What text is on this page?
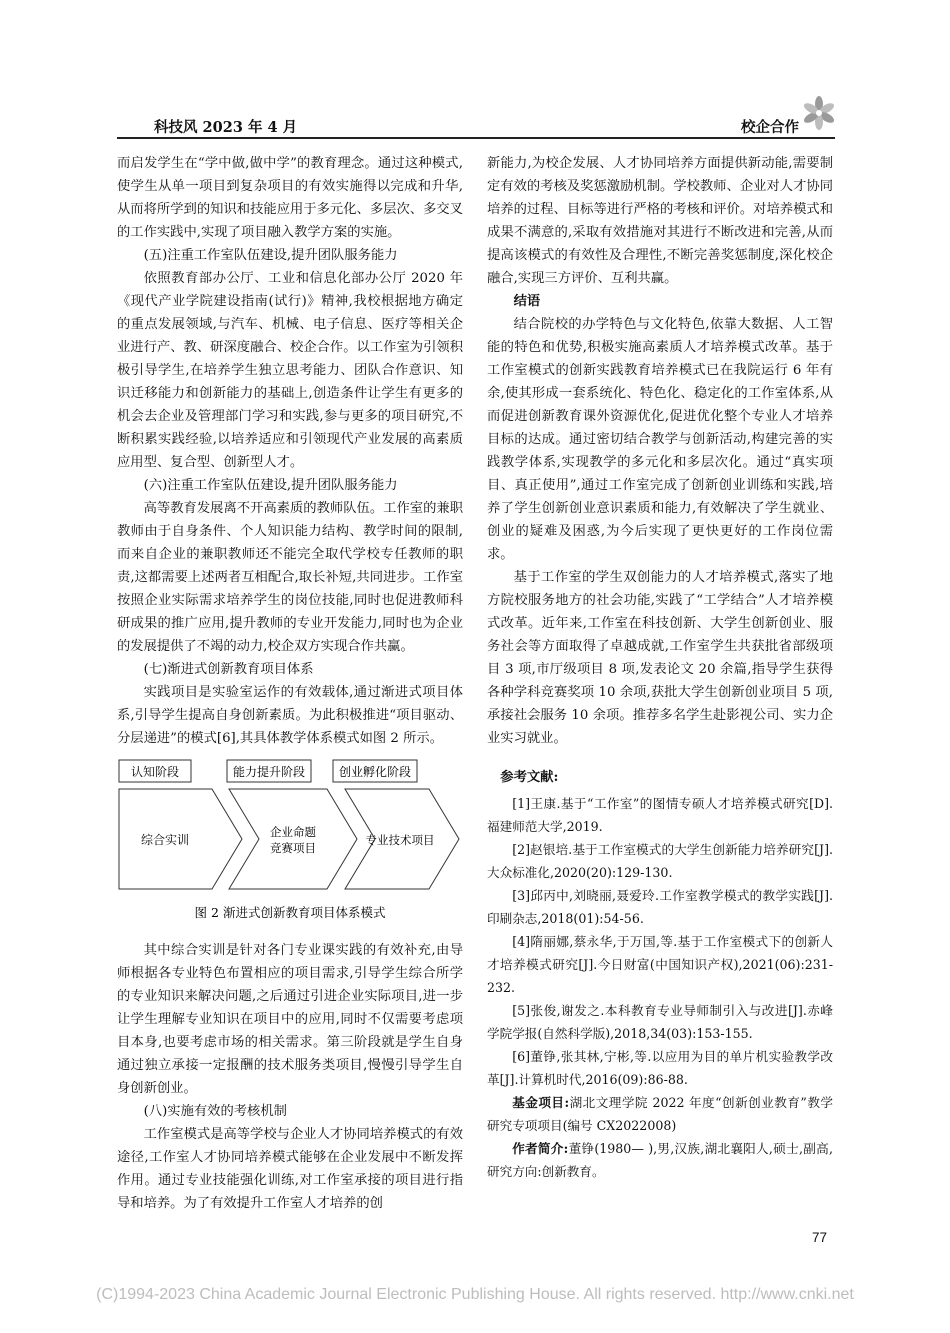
科技风 2023 年 4 月	校企合作

而启发学生在“学中做,做中学”的教育理念。通过这种模式,使学生从单一项目到复杂项目的有效实施得以完成和升华,从而将所学到的知识和技能应用于多元化、多层次、多交叉的工作实践中,实现了项目融入教学方案的实施。

(五)注重工作室队伍建设,提升团队服务能力

依照教育部办公厅、工业和信息化部办公厅 2020 年《现代产业学院建设指南(试行)》精神,我校根据地方确定的重点发展领域,与汽车、机械、电子信息、医疗等相关企业进行产、教、研深度融合、校企合作。以工作室为引领积极引导学生,在培养学生独立思考能力、团队合作意识、知识迁移能力和创新能力的基础上,创造条件让学生有更多的机会去企业及管理部门学习和实践,参与更多的项目研究,不断积累实践经验,以培养适应和引领现代产业发展的高素质应用型、复合型、创新型人才。

(六)注重工作室队伍建设,提升团队服务能力

高等教育发展离不开高素质的教师队伍。工作室的兼职教师由于自身条件、个人知识能力结构、教学时间的限制,而来自企业的兼职教师还不能完全取代学校专任教师的职责,这都需要上述两者互相配合,取长补短,共同进步。工作室按照企业实际需求培养学生的岗位技能,同时也促进教师科研成果的推广应用,提升教师的专业开发能力,同时也为企业的发展提供了不竭的动力,校企双方实现合作共赢。

(七)渐进式创新教育项目体系

实践项目是实验室运作的有效载体,通过渐进式项目体系,引导学生提高自身创新素质。为此积极推进“项目驱动、分层递进”的模式[6],其具体教学体系模式如图 2 所示。

认知阶段	能力提升阶段	创业孵化阶段
综合实训
企业命题
竞赛项目
专业技术项目
图 2 渐进式创新教育项目体系模式

其中综合实训是针对各门专业课实践的有效补充,由导师根据各专业特色布置相应的项目需求,引导学生综合所学的专业知识来解决问题,之后通过引进企业实际项目,进一步让学生理解专业知识在项目中的应用,同时不仅需要考虑项目本身,也要考虑市场的相关需求。第三阶段就是学生自身通过独立承接一定报酬的技术服务类项目,慢慢引导学生自身创新创业。

(八)实施有效的考核机制

工作室模式是高等学校与企业人才协同培养模式的有效途径,工作室人才协同培养模式能够在企业发展中不断发挥作用。通过专业技能强化训练,对工作室承接的项目进行指导和培养。为了有效提升工作室人才培养的创

新能力,为校企发展、人才协同培养方面提供新动能,需要制定有效的考核及奖惩激励机制。学校教师、企业对人才协同培养的过程、目标等进行严格的考核和评价。对培养模式和成果不满意的,采取有效措施对其进行不断改进和完善,从而提高该模式的有效性及合理性,不断完善奖惩制度,深化校企融合,实现三方评价、互利共赢。

结语

结合院校的办学特色与文化特色,依靠大数据、人工智能的特色和优势,积极实施高素质人才培养模式改革。基于工作室模式的创新实践教育培养模式已在我院运行 6 年有余,使其形成一套系统化、特色化、稳定化的工作室体系,从而促进创新教育课外资源优化,促进优化整个专业人才培养目标的达成。通过密切结合教学与创新活动,构建完善的实践教学体系,实现教学的多元化和多层次化。通过“真实项目、真正使用”,通过工作室完成了创新创业训练和实践,培养了学生创新创业意识素质和能力,有效解决了学生就业、创业的疑难及困惑,为今后实现了更快更好的工作岗位需求。

基于工作室的学生双创能力的人才培养模式,落实了地方院校服务地方的社会功能,实践了“工学结合”人才培养模式改革。近年来,工作室在科技创新、大学生创新创业、服务社会等方面取得了卓越成就,工作室学生共获批省部级项目 3 项,市厅级项目 8 项,发表论文 20 余篇,指导学生获得各种学科竞赛奖项 10 余项,获批大学生创新创业项目 5 项,承接社会服务 10 余项。推荐多名学生赴影视公司、实力企业实习就业。

参考文献:

[1]王康.基于“工作室”的图情专硕人才培养模式研究[D].福建师范大学,2019.

[2]赵银培.基于工作室模式的大学生创新能力培养研究[J].大众标准化,2020(20):129-130.

[3]邱丙中,刘晓丽,聂爱玲.工作室教学模式的教学实践[J].印刷杂志,2018(01):54-56.

[4]隋丽娜,蔡永华,于万国,等.基于工作室模式下的创新人才培养模式研究[J].今日财富(中国知识产权),2021(06):231-232.

[5]张俊,谢发之.本科教育专业导师制引入与改进[J].赤峰学院学报(自然科学版),2018,34(03):153-155.

[6]董铮,张其林,宁彬,等.以应用为目的单片机实验教学改革[J].计算机时代,2016(09):86-88.

基金项目:湖北文理学院 2022 年度“创新创业教育”教学研究专项项目(编号 CX2022008)

作者简介:董铮(1980— ),男,汉族,湖北襄阳人,硕士,副高,研究方向:创新教育。

77
(C)1994-2023 China Academic Journal Electronic Publishing House. All rights reserved. http://www.cnki.net
